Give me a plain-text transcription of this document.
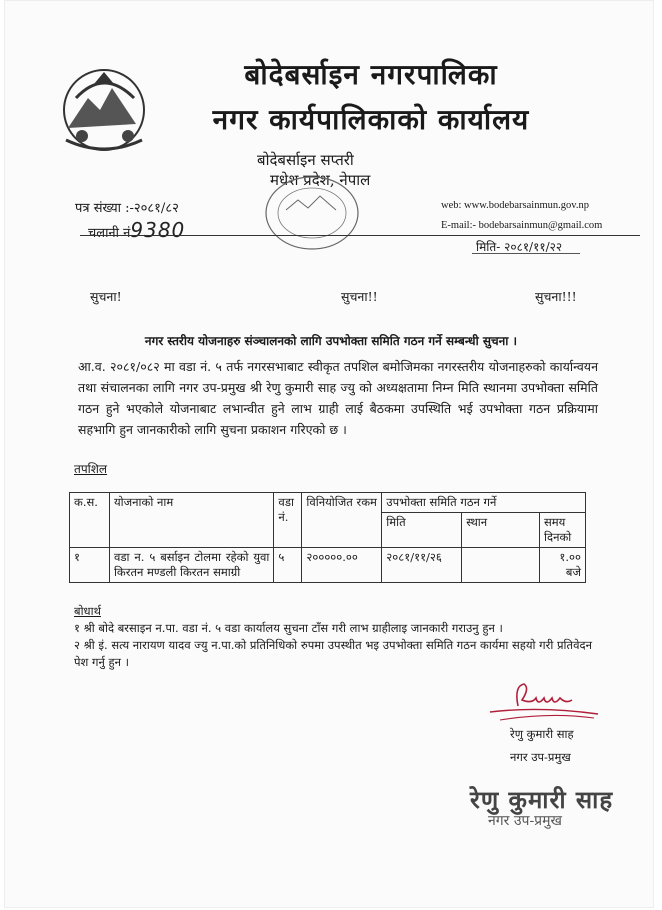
बोदेबर्साइन नगरपालिका
नगर कार्यपालिकाको कार्यालय
बोदेबर्साइन सप्तरी
मधेश प्रदेश, नेपाल
पत्र संख्या :-२०८१/८२
चलानी नं9380
web: www.bodebarsainmun.gov.np
E-mail:- bodebarsainmun@gmail.com
मिति- २०८१/११/२२
सुचना!	सुचना!!	सुचना!!!
नगर स्तरीय योजनाहरु संञ्चालनको लागि उपभोक्ता समिति गठन गर्ने सम्बन्धी सुचना ।
आ.व. २०८१/०८२ मा वडा नं. ५ तर्फ नगरसभाबाट स्वीकृत तपशिल बमोजिमका नगरस्तरीय योजनाहरुको कार्यान्वयन तथा संचालनका लागि नगर उप-प्रमुख श्री रेणु कुमारी साह ज्यु को अध्यक्षतामा निम्न मिति स्थानमा उपभोक्ता समिति गठन हुने भएकोले योजनाबाट लभान्वीत हुने लाभ ग्राही लाई बैठकमा उपस्थिति भई उपभोक्ता गठन प्रक्रियामा सहभागि हुन जानकारीको लागि सुचना प्रकाशन गरिएको छ ।
तपशिल
क.स.	योजनाको नाम	वडा नं.	विनियोजित रकम	उपभोक्ता समिति गठन गर्ने		
				मिति	स्थान	समय दिनको
१	वडा न. ५ बर्साइन टोलमा रहेको युवा किरतन मण्डली किरतन समाग्री	५	२०००००.००	२०८१/११/२६		१.०० बजे
बोधार्थ
१ श्री बोदे बरसाइन न.पा. वडा नं. ५ वडा कार्यालय सुचना टाँस गरी लाभ ग्राहीलाइ जानकारी गराउनु हुन ।
२ श्री इं. सत्य नारायण यादव ज्यु न.पा.को प्रतिनिधिको रुपमा उपस्थीत भइ उपभोक्ता समिति गठन कार्यमा सहयो गरी प्रतिवेदन पेश गर्नु हुन ।
रेणु कुमारी साह
नगर उप-प्रमुख
रेणु कुमारी साह
नगर उप-प्रमुख
